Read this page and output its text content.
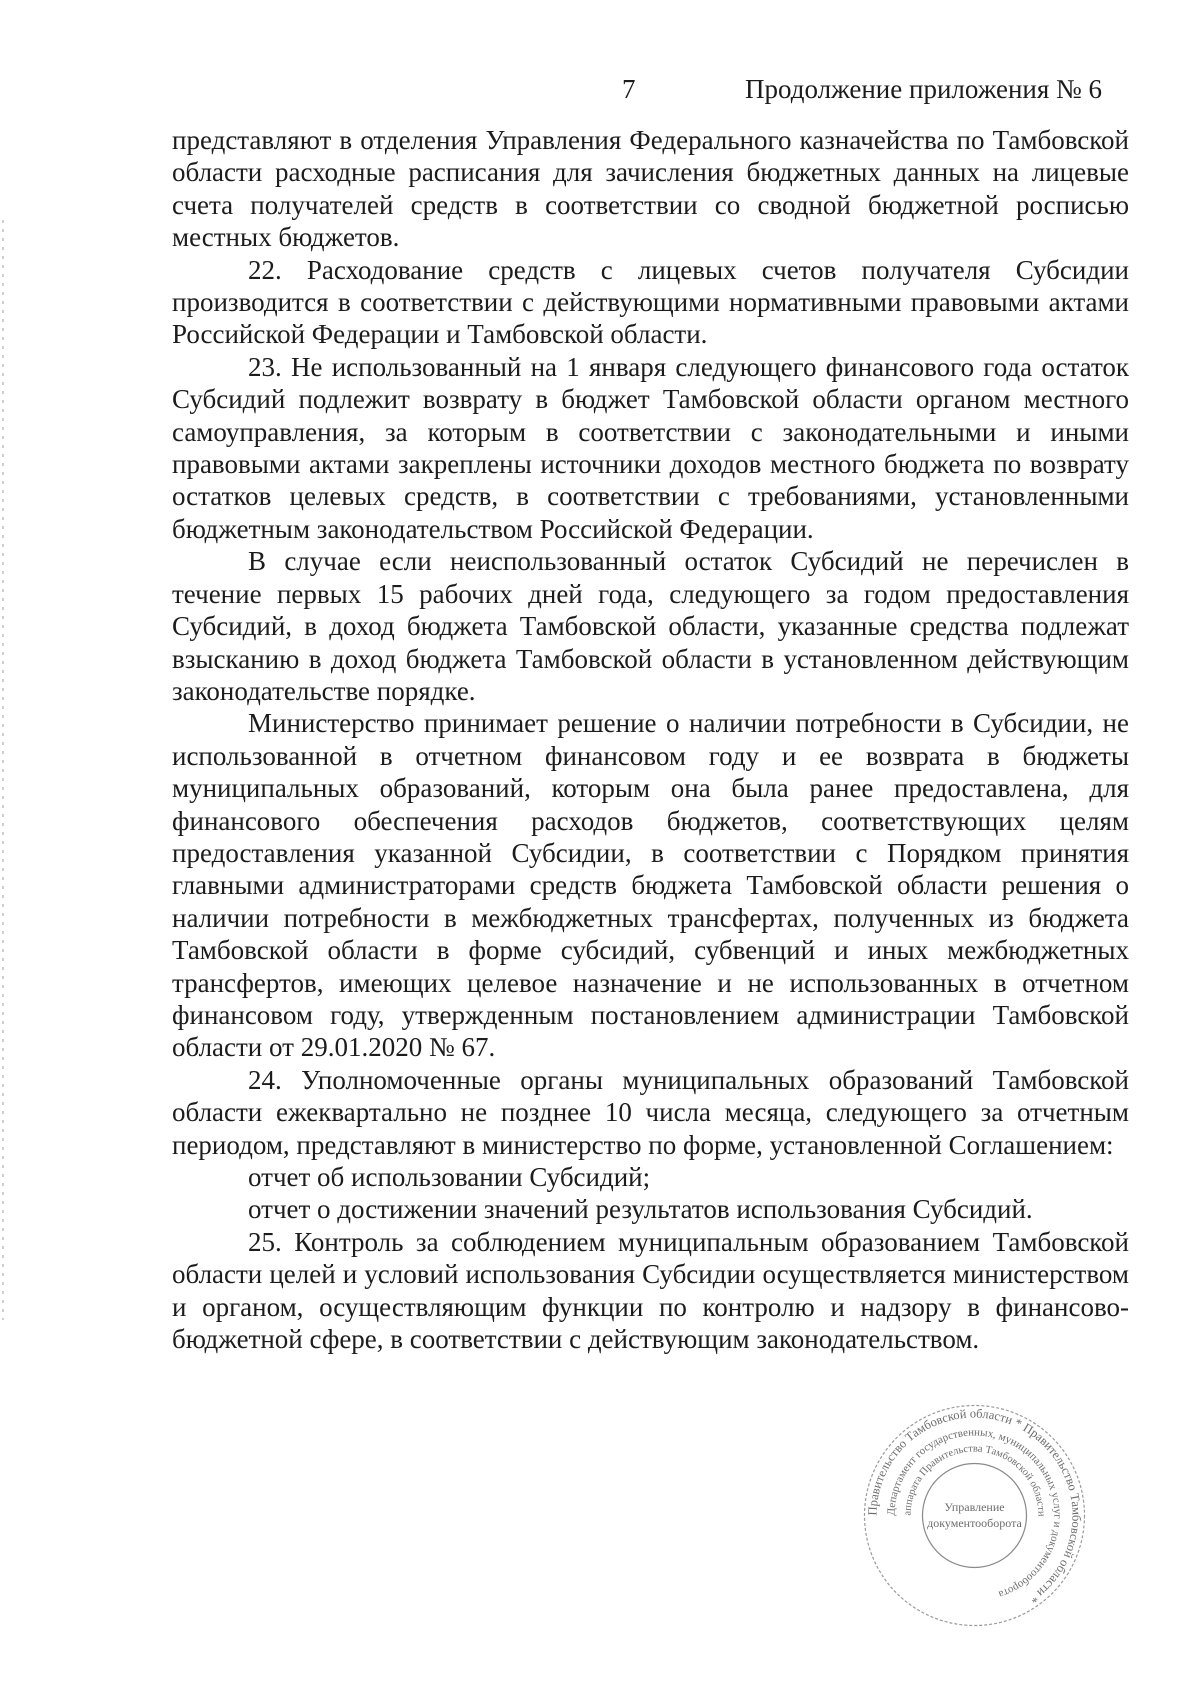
7	Продолжение приложения № 6

представляют в отделения Управления Федерального казначейства по Тамбовской области расходные расписания для зачисления бюджетных данных на лицевые счета получателей средств в соответствии со сводной бюджетной росписью местных бюджетов.

22. Расходование средств с лицевых счетов получателя Субсидии производится в соответствии с действующими нормативными правовыми актами Российской Федерации и Тамбовской области.

23. Не использованный на 1 января следующего финансового года остаток Субсидий подлежит возврату в бюджет Тамбовской области органом местного самоуправления, за которым в соответствии с законодательными и иными правовыми актами закреплены источники доходов местного бюджета по возврату остатков целевых средств, в соответствии с требованиями, установленными бюджетным законодательством Российской Федерации.

В случае если неиспользованный остаток Субсидий не перечислен в течение первых 15 рабочих дней года, следующего за годом предоставления Субсидий, в доход бюджета Тамбовской области, указанные средства подлежат взысканию в доход бюджета Тамбовской области в установленном действующим законодательстве порядке.

Министерство принимает решение о наличии потребности в Субсидии, не использованной в отчетном финансовом году и ее возврата в бюджеты муниципальных образований, которым она была ранее предоставлена, для финансового обеспечения расходов бюджетов, соответствующих целям предоставления указанной Субсидии, в соответствии с Порядком принятия главными администраторами средств бюджета Тамбовской области решения о наличии потребности в межбюджетных трансфертах, полученных из бюджета Тамбовской области в форме субсидий, субвенций и иных межбюджетных трансфертов, имеющих целевое назначение и не использованных в отчетном финансовом году, утвержденным постановлением администрации Тамбовской области от 29.01.2020 № 67.

24. Уполномоченные органы муниципальных образований Тамбовской области ежеквартально не позднее 10 числа месяца, следующего за отчетным периодом, представляют в министерство по форме, установленной Соглашением:

отчет об использовании Субсидий;

отчет о достижении значений результатов использования Субсидий.

25. Контроль за соблюдением муниципальным образованием Тамбовской области целей и условий использования Субсидии осуществляется министерством и органом, осуществляющим функции по контролю и надзору в финансово-бюджетной сфере, в соответствии с действующим законодательством.

Правительство Тамбовской области * Правительство Тамбовской области *
Департамент государственных, муниципальных услуг и документооборота
аппарата Правительства Тамбовской области
Управление
документооборота
